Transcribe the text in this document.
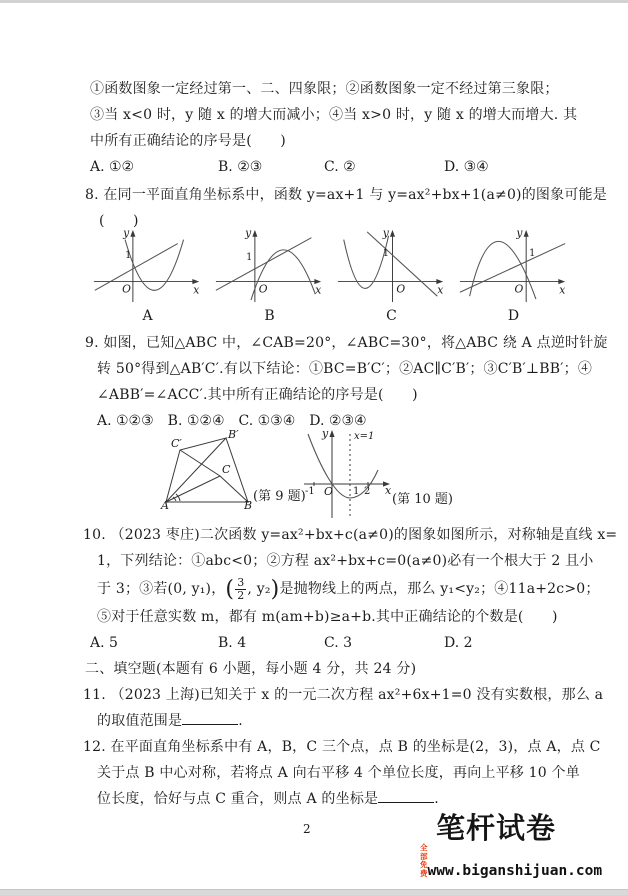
①函数图象一定经过第一、二、四象限；②函数图象一定不经过第三象限；
③当 x<0 时，y 随 x 的增大而减小；④当 x>0 时，y 随 x 的增大而增大. 其
中所有正确结论的序号是(　　)
A. ①②	B. ②③	C. ②	D. ③④
8. 在同一平面直角坐标系中，函数 y=ax+1 与 y=ax²+bx+1(a≠0)的图象可能是
(　　)
y
x
O
1
A
y
x
O
1
B
y
x
O
1
C
y
x
O
1
D
9. 如图，已知△ABC 中，∠CAB=20°，∠ABC=30°，将△ABC 绕 A 点逆时针旋
转 50°得到△AB′C′.有以下结论：①BC=B′C′；②AC∥C′B′；③C′B′⊥BB′；④
∠ABB′=∠ACC′.其中所有正确结论的序号是(　　)
A. ①②③ B. ①②④ C. ①③④ D. ②③④
A	B
C
B′
C′
(第 9 题)
y
x
O
-1	1 2
x=1
(第 10 题)
10. （2023 枣庄)二次函数 y=ax²+bx+c(a≠0)的图象如图所示，对称轴是直线 x=
1，下列结论：①abc<0；②方程 ax²+bx+c=0(a≠0)必有一个根大于 2 且小
于 3；③若(0, y₁)，( $\frac{3}{2}$ , y₂)是抛物线上的两点，那么 y₁<y₂；④11a+2c>0；
⑤对于任意实数 m，都有 m(am+b)≥a+b.其中正确结论的个数是(　　)
A. 5	B. 4	C. 3	D. 2
二、填空题(本题有 6 小题，每小题 4 分，共 24 分)
11. （2023 上海)已知关于 x 的一元二次方程 ax²+6x+1=0 没有实数根，那么 a
的取值范围是	.
12. 在平面直角坐标系中有 A，B，C 三个点，点 B 的坐标是(2，3)，点 A，点 C
关于点 B 中心对称，若将点 A 向右平移 4 个单位长度，再向上平移 10 个单
位长度，恰好与点 C 重合，则点 A 的坐标是	.
2	笔杆试卷
全部免费 www.biganshijuan.com
